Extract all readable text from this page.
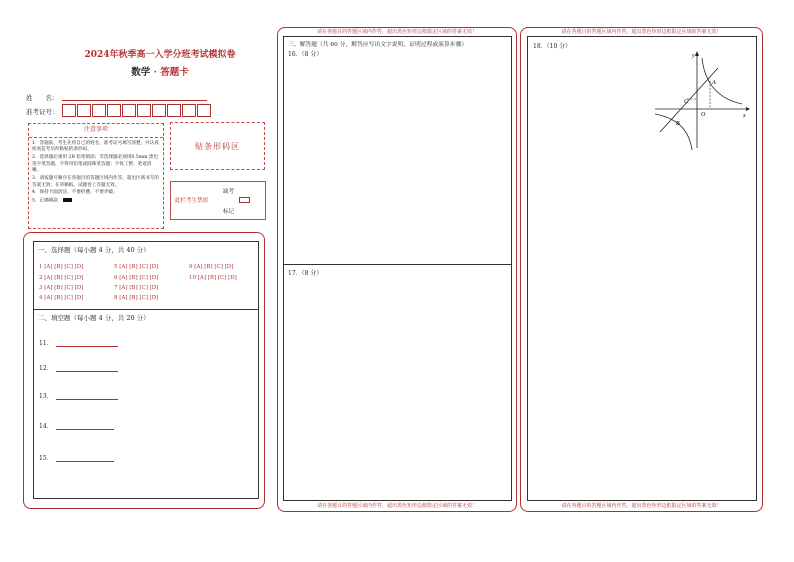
2024年秋季高一入学分班考试模拟卷
数学 · 答题卡
姓　　名：
准考证号：
注意事项

1．答题前，考生先将自己的姓名，准考证号填写清楚，并认真检查监考员所粘贴的条形码。

2．选择题必须用 2B 铅笔填涂；非选择题必须用0.5mm 黑色签字笔答题，不得用铅笔或圆珠笔答题；字体工整、笔迹清晰。

3．请按题号顺序在各题目的答题区域内作答，超出区域书写的答案无效；在草稿纸、试题卷上答题无效。

4．保持卡面清洁，不要折叠、不要弄破。

5．正确填涂

贴条形码区
此栏考生禁填
缺考
标记
一、选择题（每小题 4 分，共 40 分）
1 [A] [B] [C] [D]
2 [A] [B] [C] [D]
3 [A] [B] [C] [D]
4 [A] [B] [C] [D]
5 [A] [B] [C] [D]
6 [A] [B] [C] [D]
7 [A] [B] [C] [D]
8 [A] [B] [C] [D]
9 [A] [B] [C] [D]
10 [A] [B] [C] [D]
二、填空题（每小题 4 分，共 20 分）
11．
12．
13．
14．
15．
请在各题目的答题区域内作答，超出黑色矩形边框限定区域的答案无效！
三、解答题（共 60 分，解答应写出文字说明、证明过程或演算步骤）
16．（8 分）
17．（8 分）
请在各题目的答题区域内作答，超出黑色矩形边框限定区域的答案无效！
请在各题目的答题区域内作答，超出黑色矩形边框限定区域的答案无效！
18．（10 分）
请在各题目的答题区域内作答，超出黑色矩形边框限定区域的答案无效！
y
x
O
A
B
C
